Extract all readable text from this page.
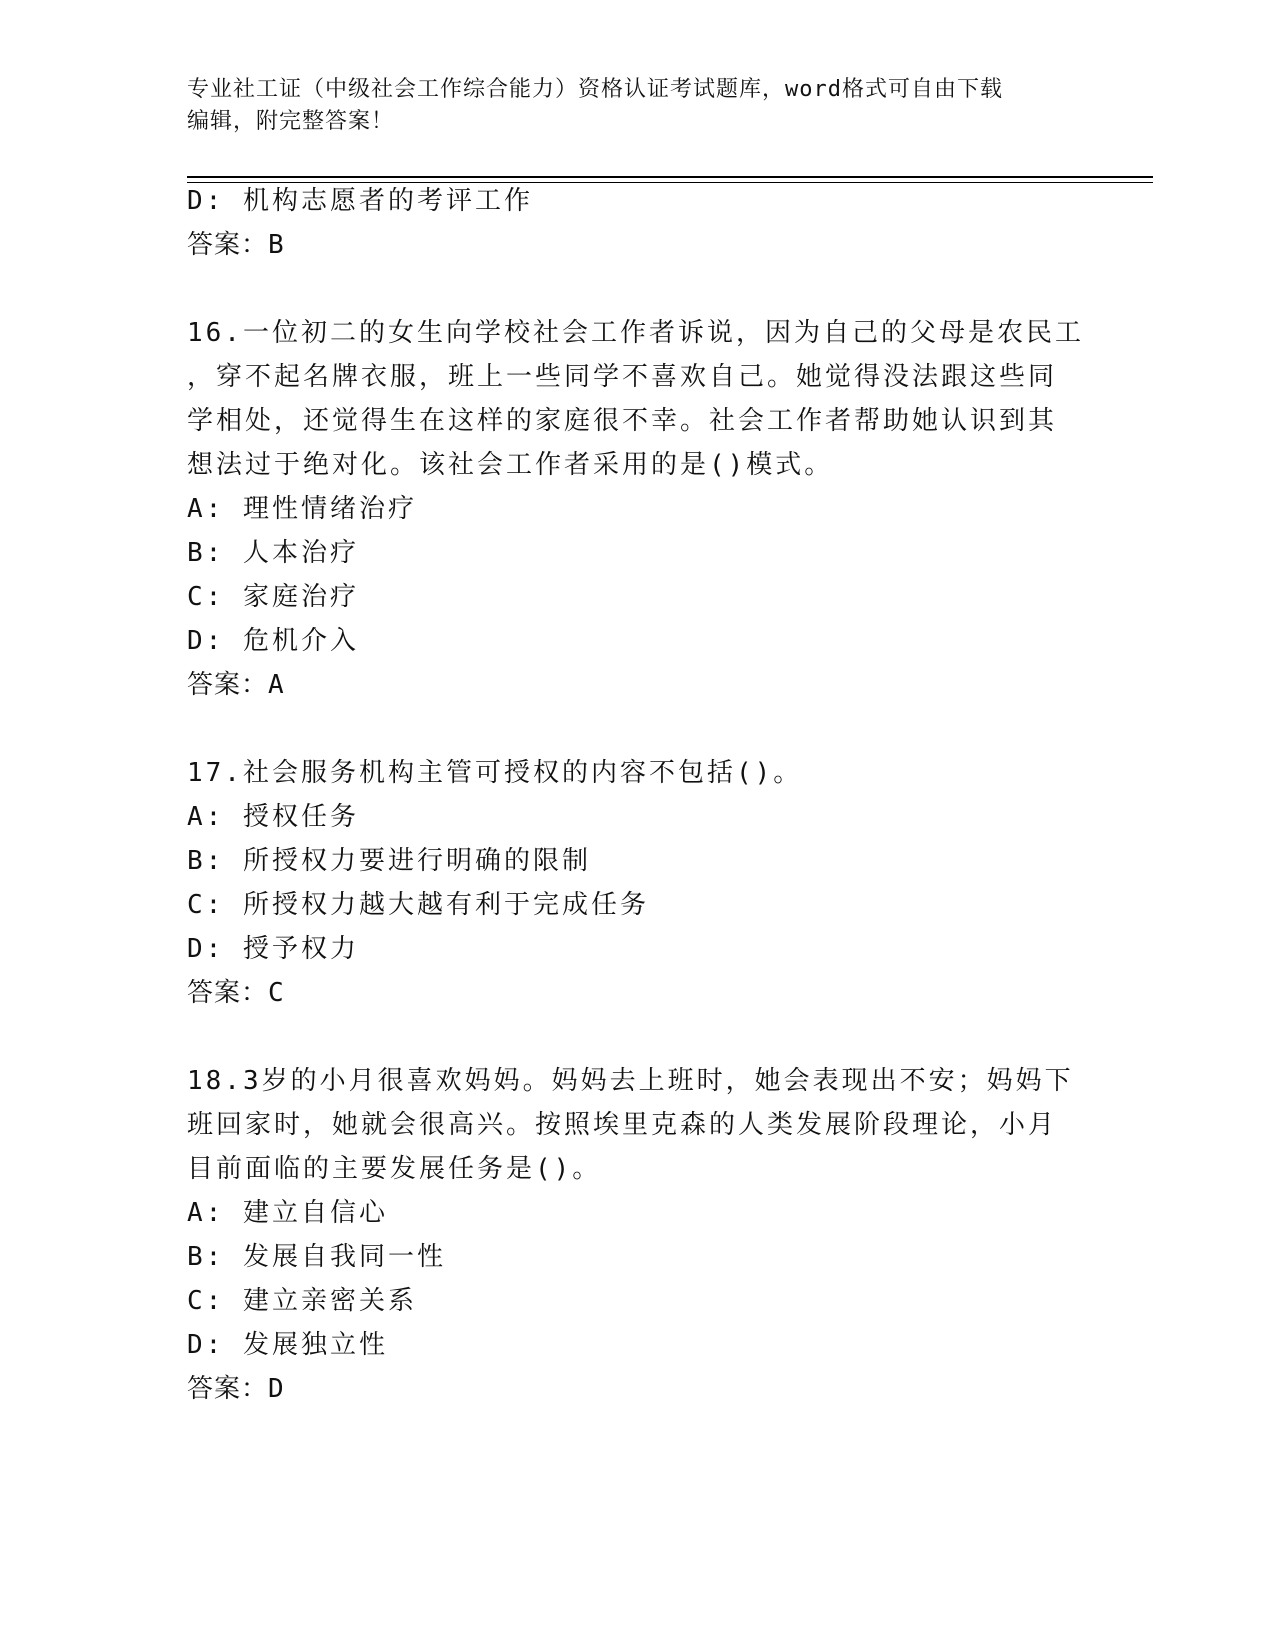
专业社工证（中级社会工作综合能力）资格认证考试题库，word格式可自由下载
编辑，附完整答案！
D: 机构志愿者的考评工作
答案：B
16.一位初二的女生向学校社会工作者诉说，因为自己的父母是农民工
，穿不起名牌衣服，班上一些同学不喜欢自己。她觉得没法跟这些同
学相处，还觉得生在这样的家庭很不幸。社会工作者帮助她认识到其
想法过于绝对化。该社会工作者采用的是()模式。
A: 理性情绪治疗
B: 人本治疗
C: 家庭治疗
D: 危机介入
答案：A
17.社会服务机构主管可授权的内容不包括()。
A: 授权任务
B: 所授权力要进行明确的限制
C: 所授权力越大越有利于完成任务
D: 授予权力
答案：C
18.3岁的小月很喜欢妈妈。妈妈去上班时，她会表现出不安；妈妈下
班回家时，她就会很高兴。按照埃里克森的人类发展阶段理论，小月
目前面临的主要发展任务是()。
A: 建立自信心
B: 发展自我同一性
C: 建立亲密关系
D: 发展独立性
答案：D
